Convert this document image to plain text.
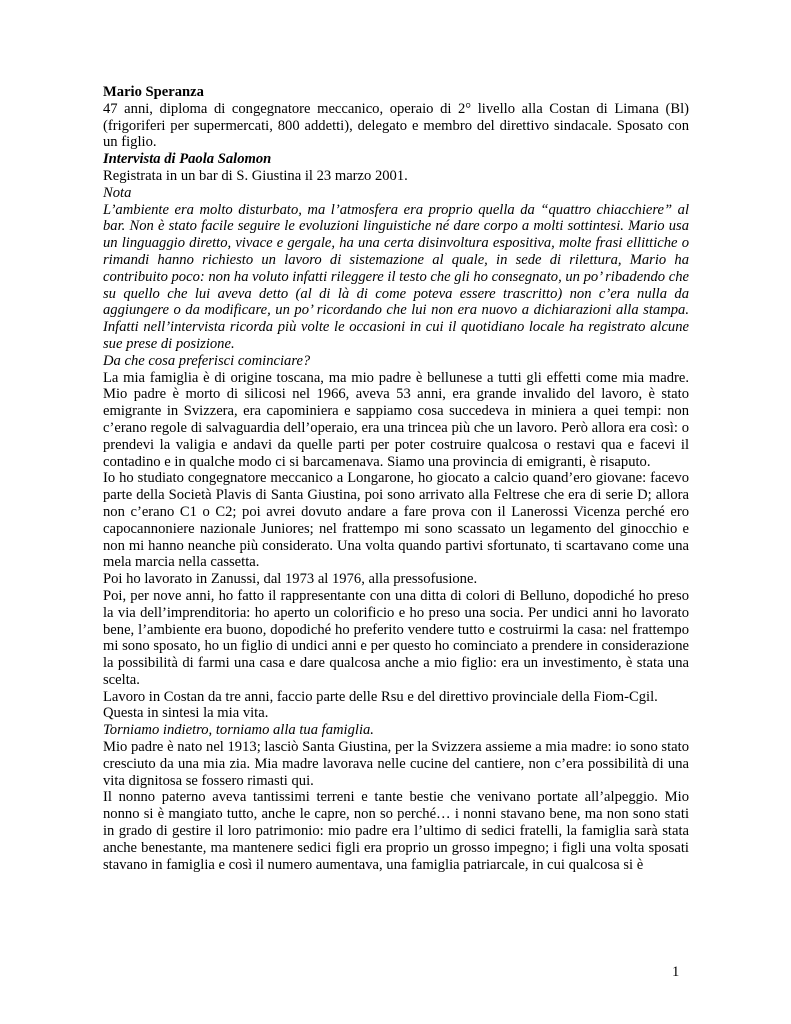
Mario Speranza

47 anni, diploma di congegnatore meccanico, operaio di 2° livello alla Costan di Limana (Bl) (frigoriferi per supermercati, 800 addetti), delegato e membro del direttivo sindacale. Sposato con un figlio.

Intervista di Paola Salomon

Registrata in un bar di S. Giustina il 23 marzo 2001.

Nota

L’ambiente era molto disturbato, ma l’atmosfera era proprio quella da “quattro chiacchiere” al bar. Non è stato facile seguire le evoluzioni linguistiche né dare corpo a molti sottintesi. Mario usa un linguaggio diretto, vivace e gergale, ha una certa disinvoltura espositiva, molte frasi ellittiche o rimandi hanno richiesto un lavoro di sistemazione al quale, in sede di rilettura, Mario ha contribuito poco: non ha voluto infatti rileggere il testo che gli ho consegnato, un po’ ribadendo che su quello che lui aveva detto (al di là di come poteva essere trascritto) non c’era nulla da aggiungere o da modificare, un po’ ricordando che lui non era nuovo a dichiarazioni alla stampa. Infatti nell’intervista ricorda più volte le occasioni in cui il quotidiano locale ha registrato alcune sue prese di posizione.

Da che cosa preferisci cominciare?

La mia famiglia è di origine toscana, ma mio padre è bellunese a tutti gli effetti come mia madre. Mio padre è morto di silicosi nel 1966, aveva 53 anni, era grande invalido del lavoro, è stato emigrante in Svizzera, era capominiera e sappiamo cosa succedeva in miniera a quei tempi: non c’erano regole di salvaguardia dell’operaio, era una trincea più che un lavoro. Però allora era così: o prendevi la valigia e andavi da quelle parti per poter costruire qualcosa o restavi qua e facevi il contadino e in qualche modo ci si barcamenava. Siamo una provincia di emigranti, è risaputo.

Io ho studiato congegnatore meccanico a Longarone, ho giocato a calcio quand’ero giovane: facevo parte della Società Plavis di Santa Giustina, poi sono arrivato alla Feltrese che era di serie D; allora non c’erano C1 o C2; poi avrei dovuto andare a fare prova con il Lanerossi Vicenza perché ero capocannoniere nazionale Juniores; nel frattempo mi sono scassato un legamento del ginocchio e non mi hanno neanche più considerato. Una volta quando partivi sfortunato, ti scartavano come una mela marcia nella cassetta.

Poi ho lavorato in Zanussi, dal 1973 al 1976, alla pressofusione.

Poi, per nove anni, ho fatto il rappresentante con una ditta di colori di Belluno, dopodiché ho preso la via dell’imprenditoria: ho aperto un colorificio e ho preso una socia. Per undici anni ho lavorato bene, l’ambiente era buono, dopodiché ho preferito vendere tutto e costruirmi la casa: nel frattempo mi sono sposato, ho un figlio di undici anni e per questo ho cominciato a prendere in considerazione la possibilità di farmi una casa e dare qualcosa anche a mio figlio: era un investimento, è stata una scelta.

Lavoro in Costan da tre anni, faccio parte delle Rsu e del direttivo provinciale della Fiom-Cgil.

Questa in sintesi la mia vita.

Torniamo indietro, torniamo alla tua famiglia.

Mio padre è nato nel 1913; lasciò Santa Giustina, per la Svizzera assieme a mia madre: io sono stato cresciuto da una mia zia. Mia madre lavorava nelle cucine del cantiere, non c’era possibilità di una vita dignitosa se fossero rimasti qui.

Il nonno paterno aveva tantissimi terreni e tante bestie che venivano portate all’alpeggio. Mio nonno si è mangiato tutto, anche le capre, non so perché… i nonni stavano bene, ma non sono stati in grado di gestire il loro patrimonio: mio padre era l’ultimo di sedici fratelli, la famiglia sarà stata anche benestante, ma mantenere sedici figli era proprio un grosso impegno; i figli una volta sposati stavano in famiglia e così il numero aumentava, una famiglia patriarcale, in cui qualcosa si è

1
